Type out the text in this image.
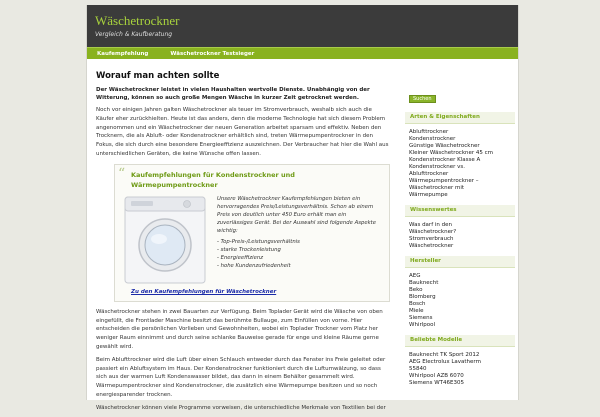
Wäschetrockner
Vergleich & Kaufberatung
Kaufempfehlung	Wäschetrockner Testsieger
Worauf man achten sollte

Der Wäschetrockner leistet in vielen Haushalten wertvolle Dienste. Unabhängig von der Witterung, können so auch große Mengen Wäsche in kurzer Zeit getrocknet werden.

Noch vor einigen Jahren galten Wäschetrockner als teuer im Stromverbrauch, weshalb sich auch die Käufer eher zurückhielten. Heute ist das anders, denn die moderne Technologie hat sich diesem Problem angenommen und ein Wäschetrockner der neuen Generation arbeitet sparsam und effektiv. Neben den Trocknern, die als Abluft- oder Kondenstrockner erhältlich sind, treten Wärmepumpentrockner in den Fokus, die sich durch eine besondere Energieeffizienz auszeichnen. Der Verbraucher hat hier die Wahl aus unterschiedlichen Geräten, die keine Wünsche offen lassen.

“ Kaufempfehlungen für Kondenstrockner und Wärmepumpentrockner

Unsere Wäschetrockner Kaufempfehlungen bieten ein hervorragendes Preis/Leistungsverhältnis. Schon ab einem Preis von deutlich unter 450 Euro erhält man ein zuverlässiges Gerät. Bei der Auswahl sind folgende Aspekte wichtig:

- Top-Preis-/Leistungsverhältnis
- starke Trockenleistung
- Energieeffizienz
- hohe Kundenzufriedenheit
Zu den Kaufempfehlungen für Wäschetrockner

Wäschetrockner stehen in zwei Bauarten zur Verfügung. Beim Toplader Gerät wird die Wäsche von oben eingefüllt, die Frontlader Maschine besitzt das berühmte Bullauge, zum Einfüllen von vorne. Hier entscheiden die persönlichen Vorlieben und Gewohnheiten, wobei ein Toplader Trockner vom Platz her weniger Raum einnimmt und durch seine schlanke Bauweise gerade für enge und kleine Räume gerne gewählt wird.

Beim Ablufttrockner wird die Luft über einen Schlauch entweder durch das Fenster ins Freie geleitet oder passiert ein Abluftsystem im Haus. Der Kondenstrockner funktioniert durch die Luftumwälzung, so dass sich aus der warmen Luft Kondenswasser bildet, das dann in einem Behälter gesammelt wird. Wärmepumpentrockner sind Kondenstrockner, die zusätzlich eine Wärmepumpe besitzen und so noch energiesparender trocknen.

Wäschetrockner können viele Programme vorweisen, die unterschiedliche Merkmale von Textilien bei der

Suchen
Arten & Eigenschaften
Ablufttrockner
Kondenstrockner
Günstige Wäschetrockner
Kleiner Wäschetrockner 45 cm
Kondenstrockner Klasse A
Kondenstrockner vs.
Ablufttrockner
Wärmepumpentrockner –
Wäschetrockner mit
Wärmepumpe
Wissenswertes
Was darf in den
Wäschetrockner?
Stromverbrauch
Wäschetrockner
Hersteller
AEG
Bauknecht
Beko
Blomberg
Bosch
Miele
Siemens
Whirlpool
Beliebte Modelle
Bauknecht TK Sport 2012
AEG Electrolux Lavatherm
55840
Whirlpool AZB 6070
Siemens WT46E305
